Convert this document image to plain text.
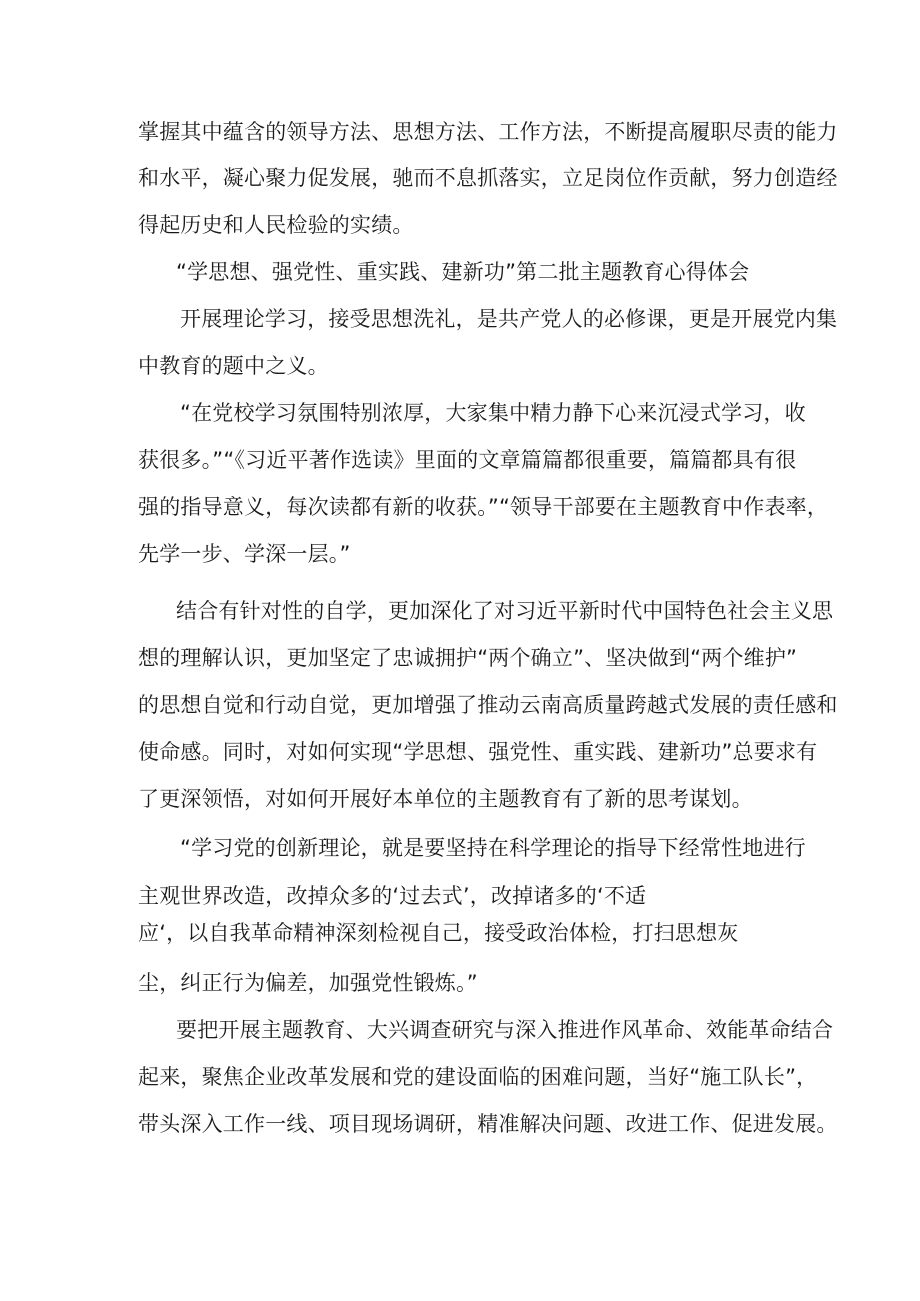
掌握其中蕴含的领导方法、思想方法、工作方法，不断提高履职尽责的能力
和水平，凝心聚力促发展，驰而不息抓落实，立足岗位作贡献，努力创造经
得起历史和人民检验的实绩。
“学思想、强党性、重实践、建新功”第二批主题教育心得体会
开展理论学习，接受思想洗礼，是共产党人的必修课，更是开展党内集
中教育的题中之义。
“在党校学习氛围特别浓厚，大家集中精力静下心来沉浸式学习，收
获很多。”“《习近平著作选读》里面的文章篇篇都很重要，篇篇都具有很
强的指导意义，每次读都有新的收获。”“领导干部要在主题教育中作表率，
先学一步、学深一层。”
结合有针对性的自学，更加深化了对习近平新时代中国特色社会主义思
想的理解认识，更加坚定了忠诚拥护“两个确立”、坚决做到“两个维护”
的思想自觉和行动自觉，更加增强了推动云南高质量跨越式发展的责任感和
使命感。同时，对如何实现“学思想、强党性、重实践、建新功”总要求有
了更深领悟，对如何开展好本单位的主题教育有了新的思考谋划。
“学习党的创新理论，就是要坚持在科学理论的指导下经常性地进行
主观世界改造，改掉众多的‘过去式’，改掉诸多的‘不适
应‘，以自我革命精神深刻检视自己，接受政治体检，打扫思想灰
尘，纠正行为偏差，加强党性锻炼。”
要把开展主题教育、大兴调查研究与深入推进作风革命、效能革命结合
起来，聚焦企业改革发展和党的建设面临的困难问题，当好“施工队长”，
带头深入工作一线、项目现场调研，精准解决问题、改进工作、促进发展。
